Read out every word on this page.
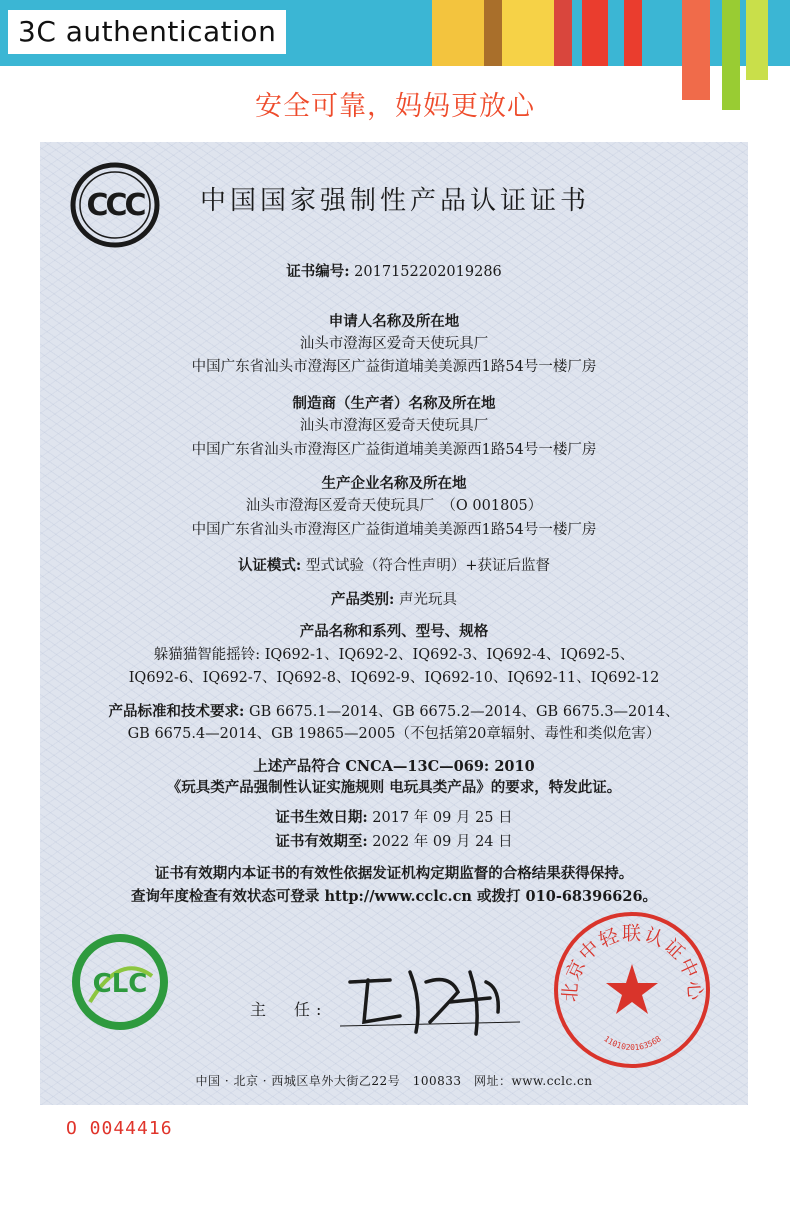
3C authentication
安全可靠，妈妈更放心
CCC 中国国家强制性产品认证证书
证书编号: 2017152202019286
申请人名称及所在地
汕头市澄海区爱奇天使玩具厂
中国广东省汕头市澄海区广益街道埔美美源西1路54号一楼厂房
制造商（生产者）名称及所在地
汕头市澄海区爱奇天使玩具厂
中国广东省汕头市澄海区广益街道埔美美源西1路54号一楼厂房
生产企业名称及所在地
汕头市澄海区爱奇天使玩具厂　（O 001805）
中国广东省汕头市澄海区广益街道埔美美源西1路54号一楼厂房
认证模式: 型式试验（符合性声明）+获证后监督
产品类别: 声光玩具
产品名称和系列、型号、规格
躲猫猫智能摇铃: IQ692-1、IQ692-2、IQ692-3、IQ692-4、IQ692-5、
IQ692-6、IQ692-7、IQ692-8、IQ692-9、IQ692-10、IQ692-11、IQ692-12
产品标准和技术要求: GB 6675.1—2014、GB 6675.2—2014、GB 6675.3—2014、
GB 6675.4—2014、GB 19865—2005（不包括第20章辐射、毒性和类似危害）
上述产品符合 CNCA—13C—069: 2010
《玩具类产品强制性认证实施规则 电玩具类产品》的要求，特发此证。
证书生效日期: 2017 年 09 月 25 日
证书有效期至: 2022 年 09 月 24 日
证书有效期内本证书的有效性依据发证机构定期监督的合格结果获得保持。
查询年度检查有效状态可登录 http://www.cclc.cn 或拨打 010-68396626。
CLC
主　任:
北京中轻联认证中心
1101020163568
中国 · 北京 · 西城区阜外大街乙22号　100833　网址：www.cclc.cn
O 0044416
